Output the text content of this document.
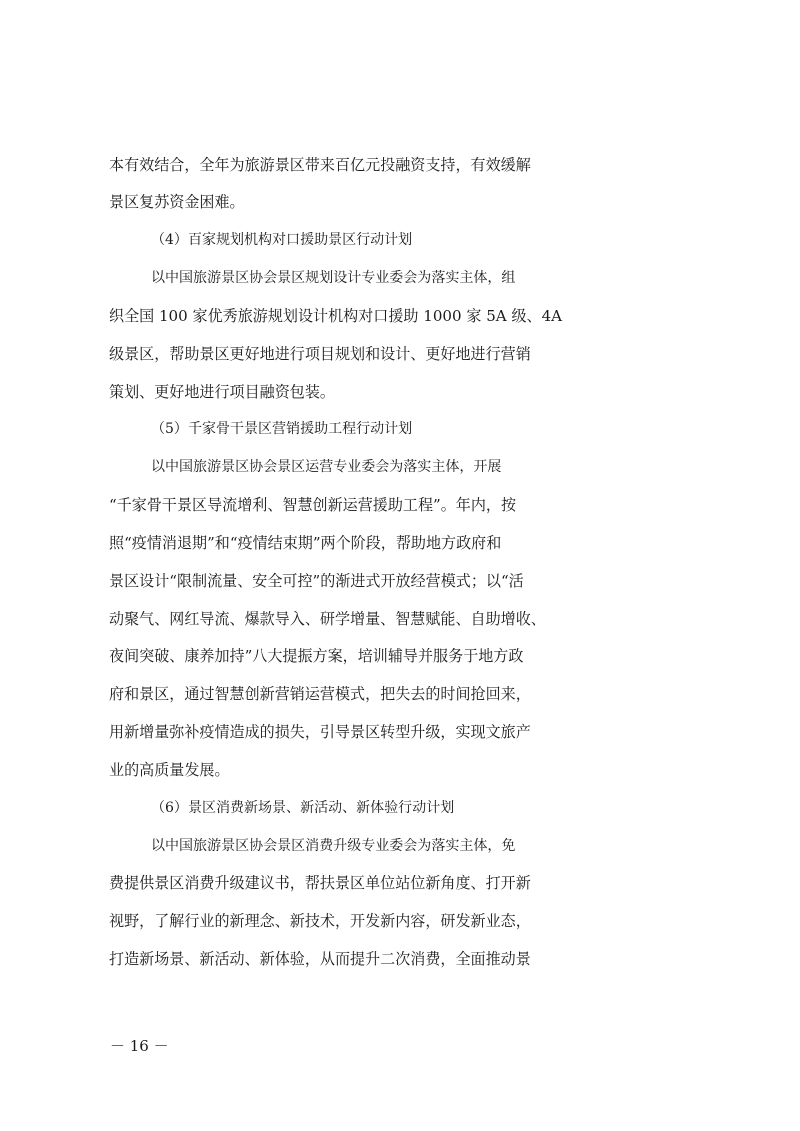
本有效结合，全年为旅游景区带来百亿元投融资支持，有效缓解
景区复苏资金困难。
（4）百家规划机构对口援助景区行动计划
以中国旅游景区协会景区规划设计专业委会为落实主体，组
织全国 100 家优秀旅游规划设计机构对口援助 1000 家 5A 级、4A
级景区，帮助景区更好地进行项目规划和设计、更好地进行营销
策划、更好地进行项目融资包装。
（5）千家骨干景区营销援助工程行动计划
以中国旅游景区协会景区运营专业委会为落实主体，开展
“千家骨干景区导流增利、智慧创新运营援助工程”。年内，按
照“疫情消退期”和“疫情结束期”两个阶段，帮助地方政府和
景区设计“限制流量、安全可控”的渐进式开放经营模式；以“活
动聚气、网红导流、爆款导入、研学增量、智慧赋能、自助增收、
夜间突破、康养加持”八大提振方案，培训辅导并服务于地方政
府和景区，通过智慧创新营销运营模式，把失去的时间抢回来，
用新增量弥补疫情造成的损失，引导景区转型升级，实现文旅产
业的高质量发展。
（6）景区消费新场景、新活动、新体验行动计划
以中国旅游景区协会景区消费升级专业委会为落实主体，免
费提供景区消费升级建议书，帮扶景区单位站位新角度、打开新
视野，了解行业的新理念、新技术，开发新内容，研发新业态，
打造新场景、新活动、新体验，从而提升二次消费，全面推动景
－ 16 －
